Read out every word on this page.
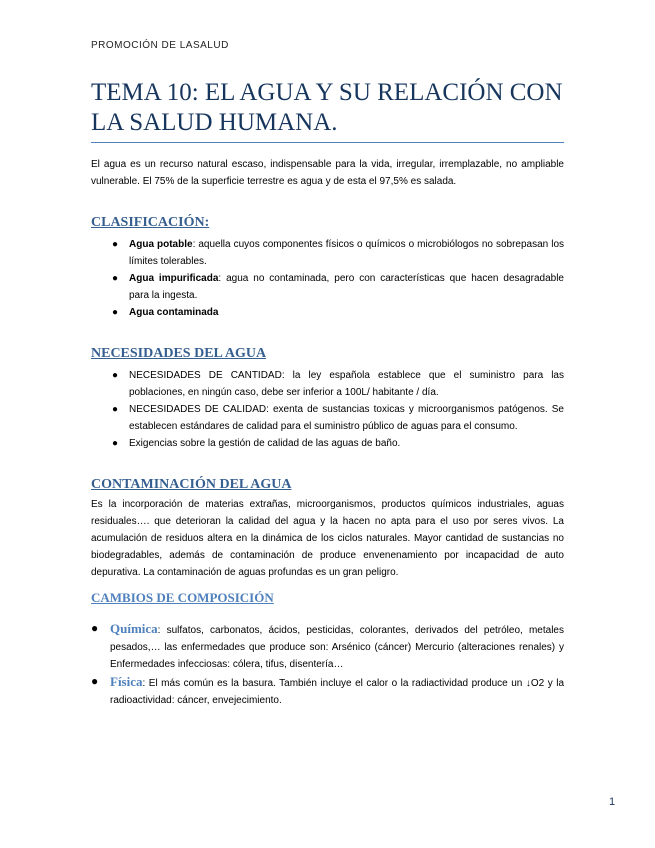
PROMOCIÓN DE LASALUD
TEMA 10: EL AGUA Y SU RELACIÓN CON LA SALUD HUMANA.

El agua es un recurso natural escaso, indispensable para la vida, irregular, irremplazable, no ampliable vulnerable. El 75% de la superficie terrestre es agua y de esta el 97,5% es salada.

CLASIFICACIÓN:
● Agua potable: aquella cuyos componentes físicos o químicos o microbiólogos no sobrepasan los límites tolerables.
● Agua impurificada: agua no contaminada, pero con características que hacen desagradable para la ingesta.
● Agua contaminada
NECESIDADES DEL AGUA
● NECESIDADES DE CANTIDAD: la ley española establece que el suministro para las poblaciones, en ningún caso, debe ser inferior a 100L/ habitante / día.
● NECESIDADES DE CALIDAD: exenta de sustancias toxicas y microorganismos patógenos. Se establecen estándares de calidad para el suministro público de aguas para el consumo.
● Exigencias sobre la gestión de calidad de las aguas de baño.
CONTAMINACIÓN DEL AGUA

Es la incorporación de materias extrañas, microorganismos, productos químicos industriales, aguas residuales…. que deterioran la calidad del agua y la hacen no apta para el uso por seres vivos. La acumulación de residuos altera en la dinámica de los ciclos naturales. Mayor cantidad de sustancias no biodegradables, además de contaminación de produce envenenamiento por incapacidad de auto depurativa. La contaminación de aguas profundas es un gran peligro.

CAMBIOS DE COMPOSICIÓN
● Química: sulfatos, carbonatos, ácidos, pesticidas, colorantes, derivados del petróleo, metales pesados,… las enfermedades que produce son: Arsénico (cáncer) Mercurio (alteraciones renales) y Enfermedades infecciosas: cólera, tifus, disentería…
● Física: El más común es la basura. También incluye el calor o la radiactividad produce un ↓O2 y la radioactividad: cáncer, envejecimiento.
1
